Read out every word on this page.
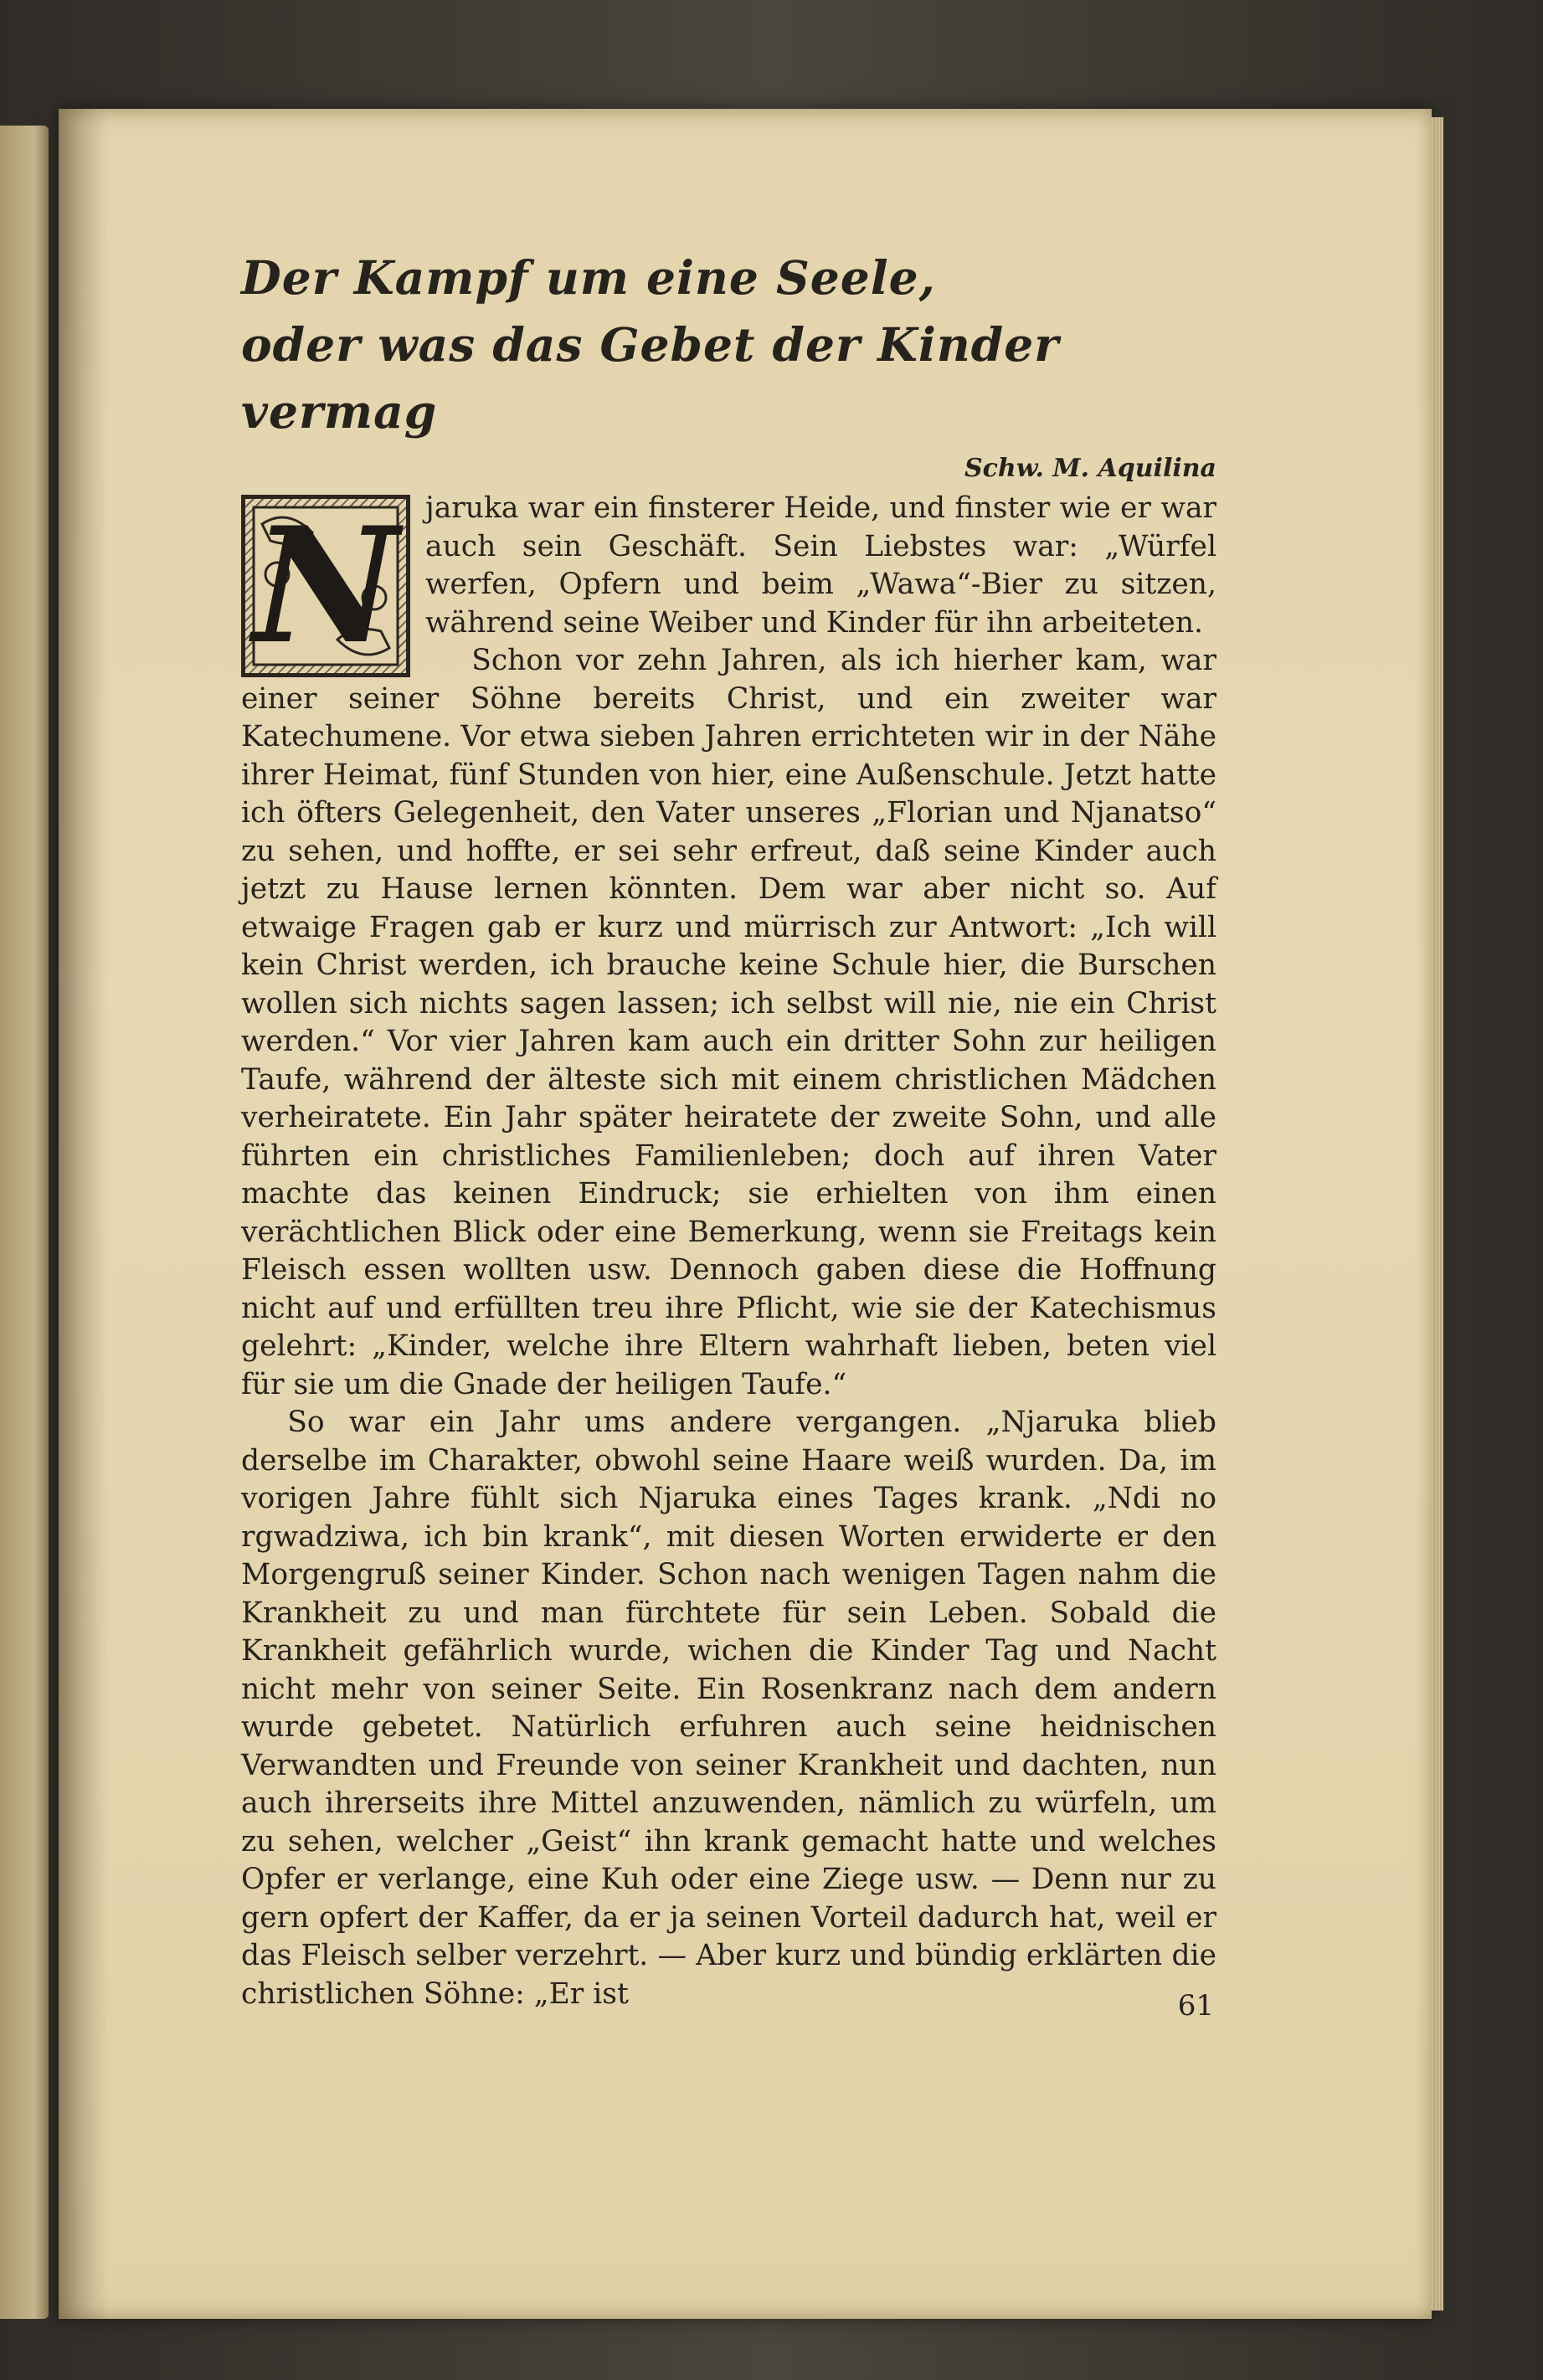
Der Kampf um eine Seele,
oder was das Gebet der Kinder vermag
Schw. M. Aquilina
N jaruka war ein finsterer Heide, und finster wie er war auch sein Geschäft. Sein Liebstes war: „Würfel werfen, Opfern und beim „Wawa“-Bier zu sitzen, während seine Weiber und Kinder für ihn arbeiteten.

Schon vor zehn Jahren, als ich hierher kam, war einer seiner Söhne bereits Christ, und ein zweiter war Katechumene. Vor etwa sieben Jahren errichteten wir in der Nähe ihrer Heimat, fünf Stunden von hier, eine Außenschule. Jetzt hatte ich öfters Gelegenheit, den Vater unseres „Florian und Njanatso“ zu sehen, und hoffte, er sei sehr erfreut, daß seine Kinder auch jetzt zu Hause lernen könnten. Dem war aber nicht so. Auf etwaige Fragen gab er kurz und mürrisch zur Antwort: „Ich will kein Christ werden, ich brauche keine Schule hier, die Burschen wollen sich nichts sagen lassen; ich selbst will nie, nie ein Christ werden.“ Vor vier Jahren kam auch ein dritter Sohn zur heiligen Taufe, während der älteste sich mit einem christlichen Mädchen verheiratete. Ein Jahr später heiratete der zweite Sohn, und alle führten ein christliches Familienleben; doch auf ihren Vater machte das keinen Eindruck; sie erhielten von ihm einen verächtlichen Blick oder eine Bemerkung, wenn sie Freitags kein Fleisch essen wollten usw. Dennoch gaben diese die Hoffnung nicht auf und erfüllten treu ihre Pflicht, wie sie der Katechismus gelehrt: „Kinder, welche ihre Eltern wahrhaft lieben, beten viel für sie um die Gnade der heiligen Taufe.“

So war ein Jahr ums andere vergangen. „Njaruka blieb derselbe im Charakter, obwohl seine Haare weiß wurden. Da, im vorigen Jahre fühlt sich Njaruka eines Tages krank. „Ndi no rgwadziwa, ich bin krank“, mit diesen Worten erwiderte er den Morgengruß seiner Kinder. Schon nach wenigen Tagen nahm die Krankheit zu und man fürchtete für sein Leben. Sobald die Krankheit gefährlich wurde, wichen die Kinder Tag und Nacht nicht mehr von seiner Seite. Ein Rosenkranz nach dem andern wurde gebetet. Natürlich erfuhren auch seine heidnischen Verwandten und Freunde von seiner Krankheit und dachten, nun auch ihrerseits ihre Mittel anzuwenden, nämlich zu würfeln, um zu sehen, welcher „Geist“ ihn krank gemacht hatte und welches Opfer er verlange, eine Kuh oder eine Ziege usw. — Denn nur zu gern opfert der Kaffer, da er ja seinen Vorteil dadurch hat, weil er das Fleisch selber verzehrt. — Aber kurz und bündig erklärten die christlichen Söhne: „Er ist	61
